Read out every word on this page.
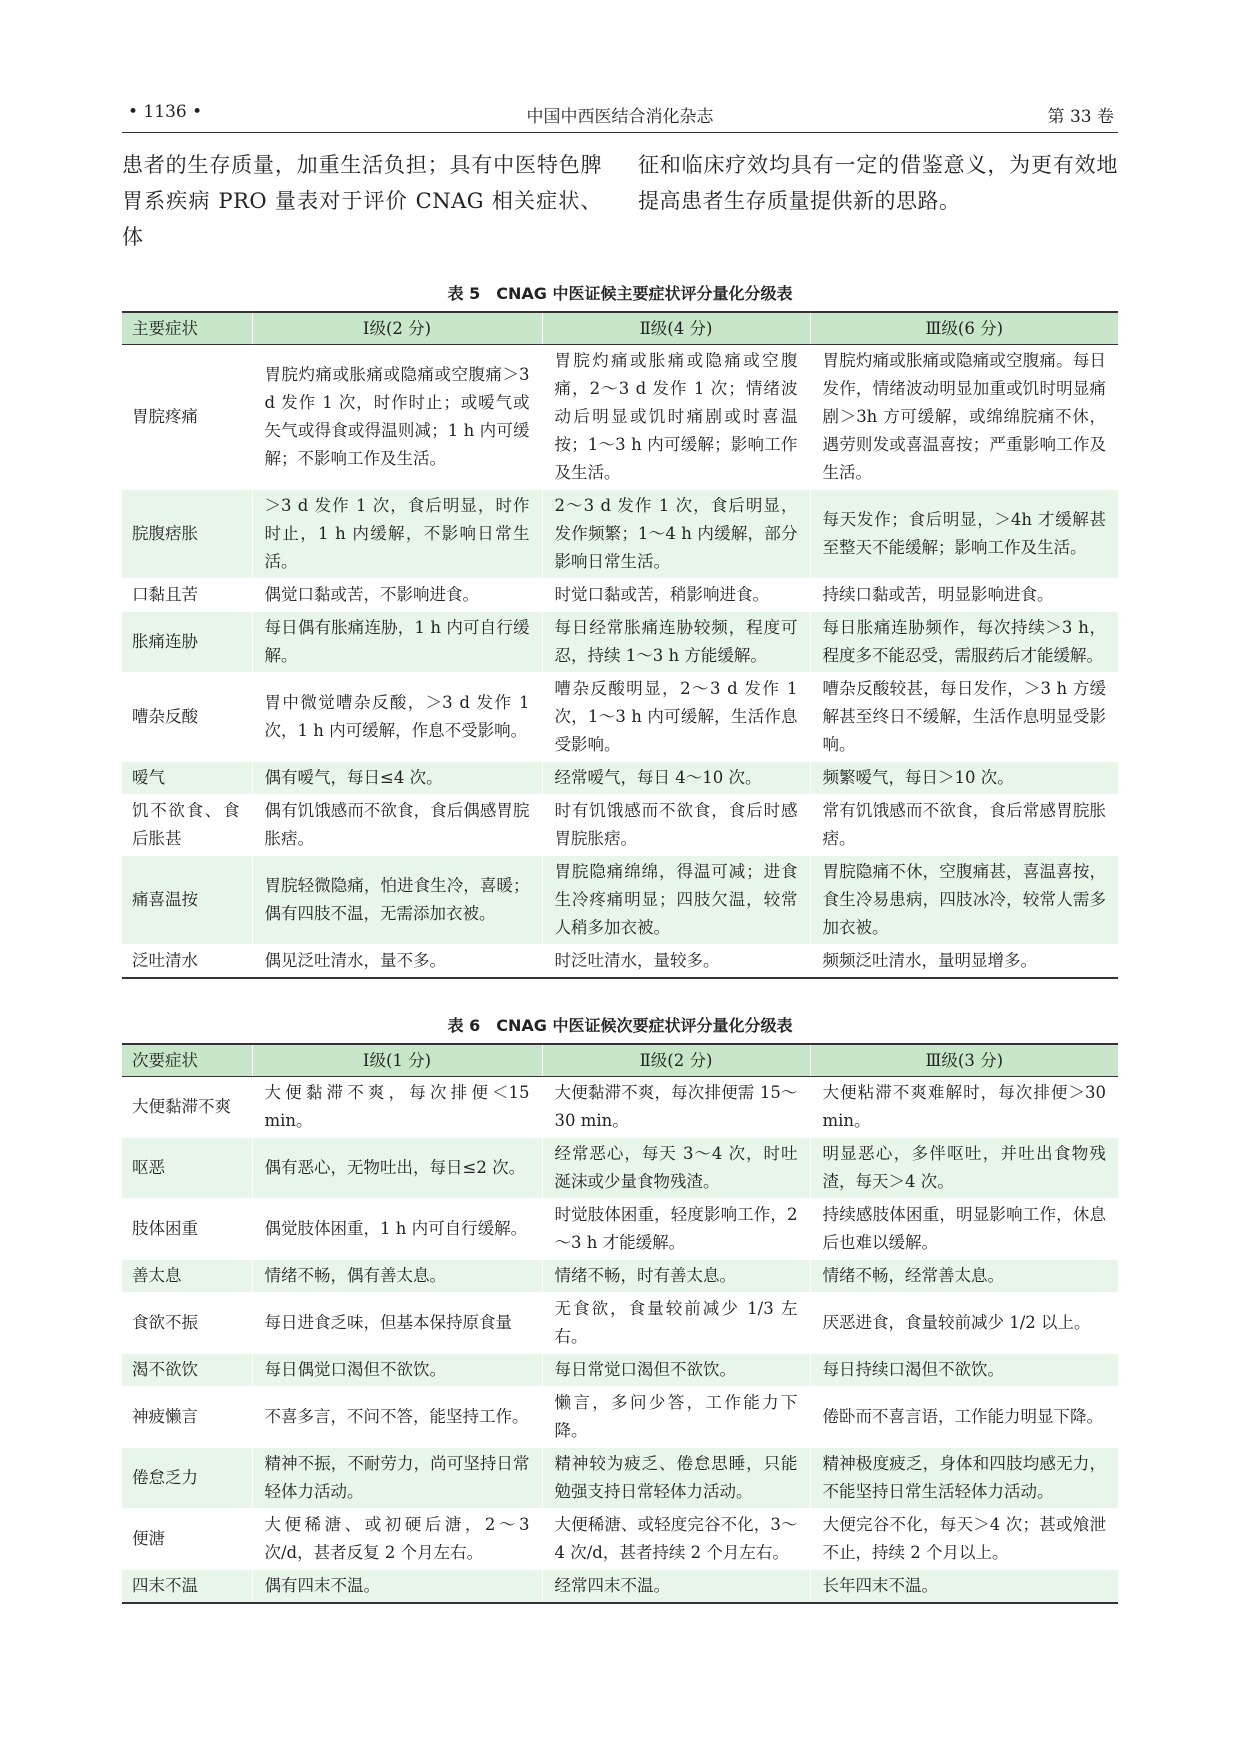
• 1136 •	中国中西医结合消化杂志	第 33 卷
患者的生存质量，加重生活负担；具有中医特色脾胃系疾病 PRO 量表对于评价 CNAG 相关症状、体
征和临床疗效均具有一定的借鉴意义，为更有效地提高患者生存质量提供新的思路。

表 5　CNAG 中医证候主要症状评分量化分级表

主要症状	Ⅰ级(2 分)	Ⅱ级(4 分)	Ⅲ级(6 分)
胃脘疼痛	胃脘灼痛或胀痛或隐痛或空腹痛＞3 d 发作 1 次，时作时止；或嗳气或矢气或得食或得温则减；1 h 内可缓解；不影响工作及生活。	胃脘灼痛或胀痛或隐痛或空腹痛，2～3 d 发作 1 次；情绪波动后明显或饥时痛剧或时喜温按；1～3 h 内可缓解；影响工作及生活。	胃脘灼痛或胀痛或隐痛或空腹痛。每日发作，情绪波动明显加重或饥时明显痛剧＞3h 方可缓解，或绵绵脘痛不休，遇劳则发或喜温喜按；严重影响工作及生活。
脘腹痞胀	＞3 d 发作 1 次，食后明显，时作时止，1 h 内缓解，不影响日常生活。	2～3 d 发作 1 次，食后明显，发作频繁；1～4 h 内缓解，部分影响日常生活。	每天发作；食后明显，＞4h 才缓解甚至整天不能缓解；影响工作及生活。
口黏且苦	偶觉口黏或苦，不影响进食。	时觉口黏或苦，稍影响进食。	持续口黏或苦，明显影响进食。
胀痛连胁	每日偶有胀痛连胁，1 h 内可自行缓解。	每日经常胀痛连胁较频，程度可忍，持续 1～3 h 方能缓解。	每日胀痛连胁频作，每次持续＞3 h，程度多不能忍受，需服药后才能缓解。
嘈杂反酸	胃中微觉嘈杂反酸，＞3 d 发作 1 次，1 h 内可缓解，作息不受影响。	嘈杂反酸明显，2～3 d 发作 1 次，1～3 h 内可缓解，生活作息受影响。	嘈杂反酸较甚，每日发作，＞3 h 方缓解甚至终日不缓解，生活作息明显受影响。
嗳气	偶有嗳气，每日≤4 次。	经常嗳气，每日 4～10 次。	频繁嗳气，每日＞10 次。
饥不欲食、食后胀甚	偶有饥饿感而不欲食，食后偶感胃脘胀痞。	时有饥饿感而不欲食，食后时感胃脘胀痞。	常有饥饿感而不欲食，食后常感胃脘胀痞。
痛喜温按	胃脘轻微隐痛，怕进食生冷，喜暖；偶有四肢不温，无需添加衣被。	胃脘隐痛绵绵，得温可减；进食生冷疼痛明显；四肢欠温，较常人稍多加衣被。	胃脘隐痛不休，空腹痛甚，喜温喜按，食生冷易患病，四肢冰冷，较常人需多加衣被。
泛吐清水	偶见泛吐清水，量不多。	时泛吐清水，量较多。	频频泛吐清水，量明显增多。

表 6　CNAG 中医证候次要症状评分量化分级表

次要症状	Ⅰ级(1 分)	Ⅱ级(2 分)	Ⅲ级(3 分)
大便黏滞不爽	大便黏滞不爽，每次排便＜15 min。	大便黏滞不爽，每次排便需 15～30 min。	大便粘滞不爽难解时，每次排便＞30 min。
呕恶	偶有恶心，无物吐出，每日≤2 次。	经常恶心，每天 3～4 次，时吐涎沫或少量食物残渣。	明显恶心，多伴呕吐，并吐出食物残渣，每天＞4 次。
肢体困重	偶觉肢体困重，1 h 内可自行缓解。	时觉肢体困重，轻度影响工作，2～3 h 才能缓解。	持续感肢体困重，明显影响工作，休息后也难以缓解。
善太息	情绪不畅，偶有善太息。	情绪不畅，时有善太息。	情绪不畅，经常善太息。
食欲不振	每日进食乏味，但基本保持原食量	无食欲，食量较前减少 1/3 左右。	厌恶进食，食量较前减少 1/2 以上。
渴不欲饮	每日偶觉口渴但不欲饮。	每日常觉口渴但不欲饮。	每日持续口渴但不欲饮。
神疲懒言	不喜多言，不问不答，能坚持工作。	懒言，多问少答，工作能力下降。	倦卧而不喜言语，工作能力明显下降。
倦怠乏力	精神不振，不耐劳力，尚可坚持日常轻体力活动。	精神较为疲乏、倦怠思睡，只能勉强支持日常轻体力活动。	精神极度疲乏，身体和四肢均感无力，不能坚持日常生活轻体力活动。
便溏	大便稀溏、或初硬后溏，2～3 次/d，甚者反复 2 个月左右。	大便稀溏、或轻度完谷不化，3～4 次/d，甚者持续 2 个月左右。	大便完谷不化，每天＞4 次；甚或飧泄不止，持续 2 个月以上。
四末不温	偶有四末不温。	经常四末不温。	长年四末不温。
